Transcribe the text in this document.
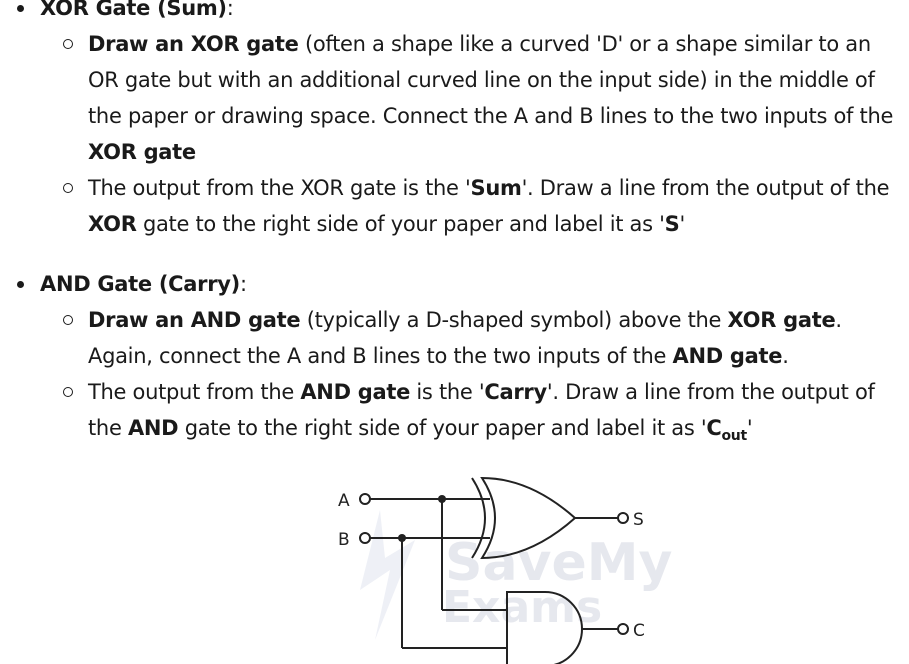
XOR Gate (Sum):
Draw an XOR gate (often a shape like a curved 'D' or a shape similar to an OR gate but with an additional curved line on the input side) in the middle of the paper or drawing space. Connect the A and B lines to the two inputs of the XOR gate
The output from the XOR gate is the 'Sum'. Draw a line from the output of the XOR gate to the right side of your paper and label it as 'S'
AND Gate (Carry):
Draw an AND gate (typically a D-shaped symbol) above the XOR gate. Again, connect the A and B lines to the two inputs of the AND gate.
The output from the AND gate is the 'Carry'. Draw a line from the output of the AND gate to the right side of your paper and label it as '$C_{out}$'
SaveMy
Exams
A
B
S
C
